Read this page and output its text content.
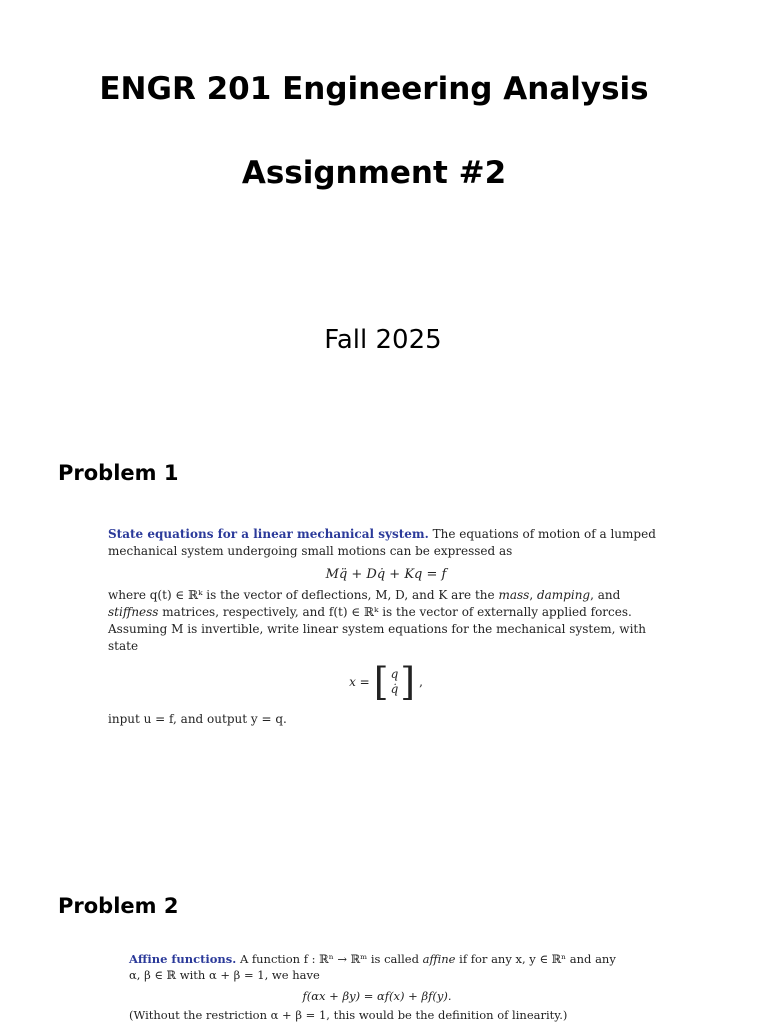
ENGR 201 Engineering Analysis
Assignment #2
Fall 2025
Problem 1
State equations for a linear mechanical system. The equations of motion of a lumped mechanical system undergoing small motions can be expressed as
Mq̈ + Dq̇ + Kq = f
where q(t) ∈ ℝᵏ is the vector of deflections, M, D, and K are the mass, damping, and stiffness matrices, respectively, and f(t) ∈ ℝᵏ is the vector of externally applied forces. Assuming M is invertible, write linear system equations for the mechanical system, with state
x = [ q
q̇ ] ,
input u = f, and output y = q.
Problem 2
Affine functions. A function f : ℝⁿ → ℝᵐ is called affine if for any x, y ∈ ℝⁿ and any α, β ∈ ℝ with α + β = 1, we have
f(αx + βy) = αf(x) + βf(y).
(Without the restriction α + β = 1, this would be the definition of linearity.)
